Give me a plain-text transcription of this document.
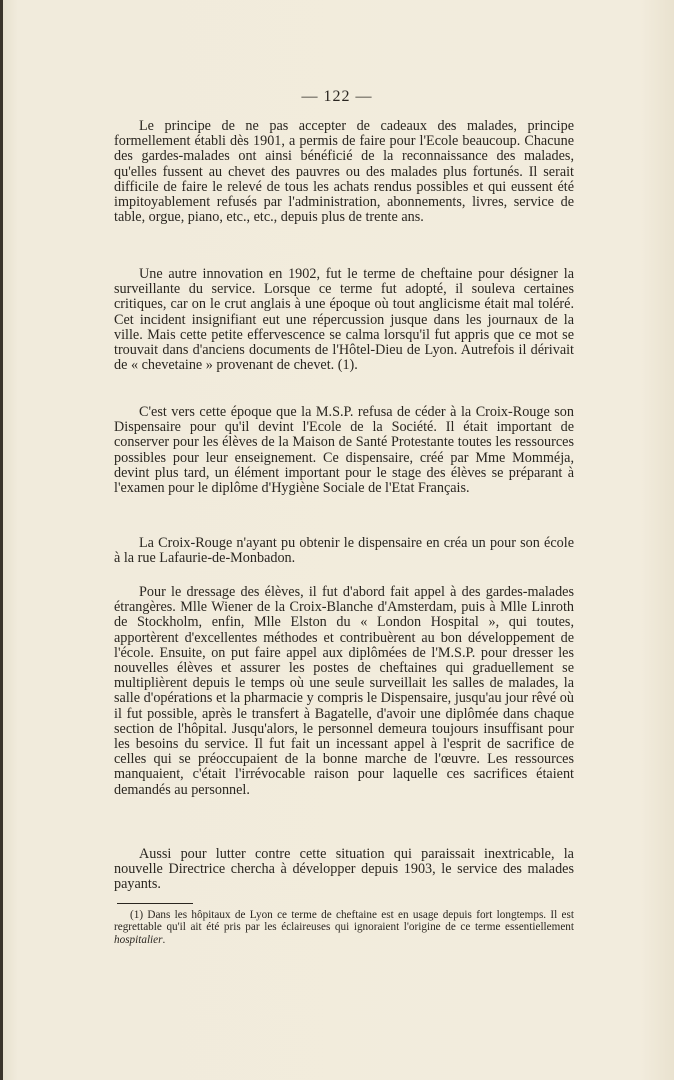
— 122 —

Le principe de ne pas accepter de cadeaux des malades, principe formellement établi dès 1901, a permis de faire pour l'Ecole beaucoup. Chacune des gardes-malades ont ainsi bénéficié de la reconnaissance des malades, qu'elles fussent au chevet des pauvres ou des malades plus fortunés. Il serait difficile de faire le relevé de tous les achats rendus possibles et qui eussent été impitoyablement refusés par l'administration, abonnements, livres, service de table, orgue, piano, etc., etc., depuis plus de trente ans.

Une autre innovation en 1902, fut le terme de cheftaine pour désigner la surveillante du service. Lorsque ce terme fut adopté, il souleva certaines critiques, car on le crut anglais à une époque où tout anglicisme était mal toléré. Cet incident insignifiant eut une répercussion jusque dans les journaux de la ville. Mais cette petite effervescence se calma lorsqu'il fut appris que ce mot se trouvait dans d'anciens documents de l'Hôtel-Dieu de Lyon. Autrefois il dérivait de « chevetaine » provenant de chevet. (1).

C'est vers cette époque que la M.S.P. refusa de céder à la Croix-Rouge son Dispensaire pour qu'il devint l'Ecole de la Société. Il était important de conserver pour les élèves de la Maison de Santé Protestante toutes les ressources possibles pour leur enseignement. Ce dispensaire, créé par Mme Momméja, devint plus tard, un élément important pour le stage des élèves se préparant à l'examen pour le diplôme d'Hygiène Sociale de l'Etat Français.

La Croix-Rouge n'ayant pu obtenir le dispensaire en créa un pour son école à la rue Lafaurie-de-Monbadon.

Pour le dressage des élèves, il fut d'abord fait appel à des gardes-malades étrangères. Mlle Wiener de la Croix-Blanche d'Amsterdam, puis à Mlle Linroth de Stockholm, enfin, Mlle Elston du « London Hospital », qui toutes, apportèrent d'excellentes méthodes et contribuèrent au bon développement de l'école. Ensuite, on put faire appel aux diplômées de l'M.S.P. pour dresser les nouvelles élèves et assurer les postes de cheftaines qui graduellement se multiplièrent depuis le temps où une seule surveillait les salles de malades, la salle d'opérations et la pharmacie y compris le Dispensaire, jusqu'au jour rêvé où il fut possible, après le transfert à Bagatelle, d'avoir une diplômée dans chaque section de l'hôpital. Jusqu'alors, le personnel demeura toujours insuffisant pour les besoins du service. Il fut fait un incessant appel à l'esprit de sacrifice de celles qui se préoccupaient de la bonne marche de l'œuvre. Les ressources manquaient, c'était l'irrévocable raison pour laquelle ces sacrifices étaient demandés au personnel.

Aussi pour lutter contre cette situation qui paraissait inextricable, la nouvelle Directrice chercha à développer depuis 1903, le service des malades payants.

(1) Dans les hôpitaux de Lyon ce terme de cheftaine est en usage depuis fort longtemps. Il est regrettable qu'il ait été pris par les éclaireuses qui ignoraient l'origine de ce terme essentiellement hospitalier.
